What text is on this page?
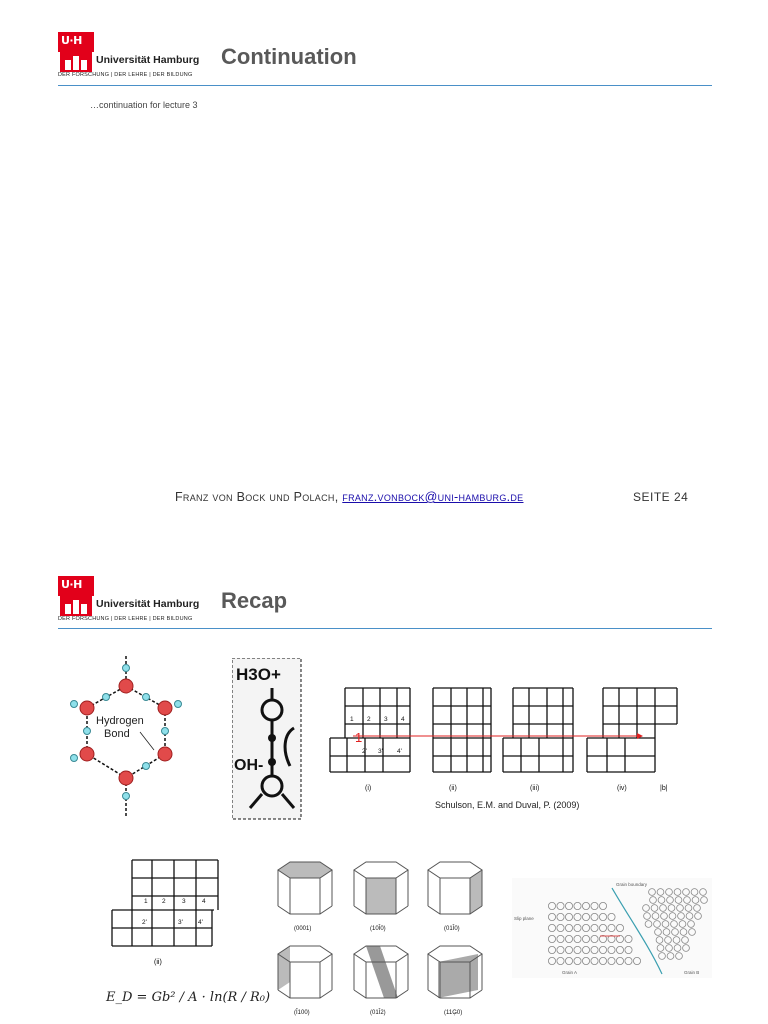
U·H
Universität Hamburg
DER FORSCHUNG | DER LEHRE | DER BILDUNG
Continuation
…continuation for lecture 3
Franz von Bock und Polach, franz.vonbock@uni-hamburg.de	SEITE 24
U·H
Universität Hamburg
DER FORSCHUNG | DER LEHRE | DER BILDUNG
Recap
Hydrogen
Bond
H3O+
OH-
1
1 2 3 4
2' 3' 4'
(i)	(ii)	(iii)	(iv)	|b|
Schulson, E.M. and Duval, P. (2009)
1 2	3	4
2'	3' 4'
(ii)
E_D = Gb² / A · ln(R / R₀)
(0001)	(10Ī0)	(01Ī0)
(Ī100)	(01Ī2)	(11Ģ0)
Grain boundary
Slip plane
Grain A	Grain B
